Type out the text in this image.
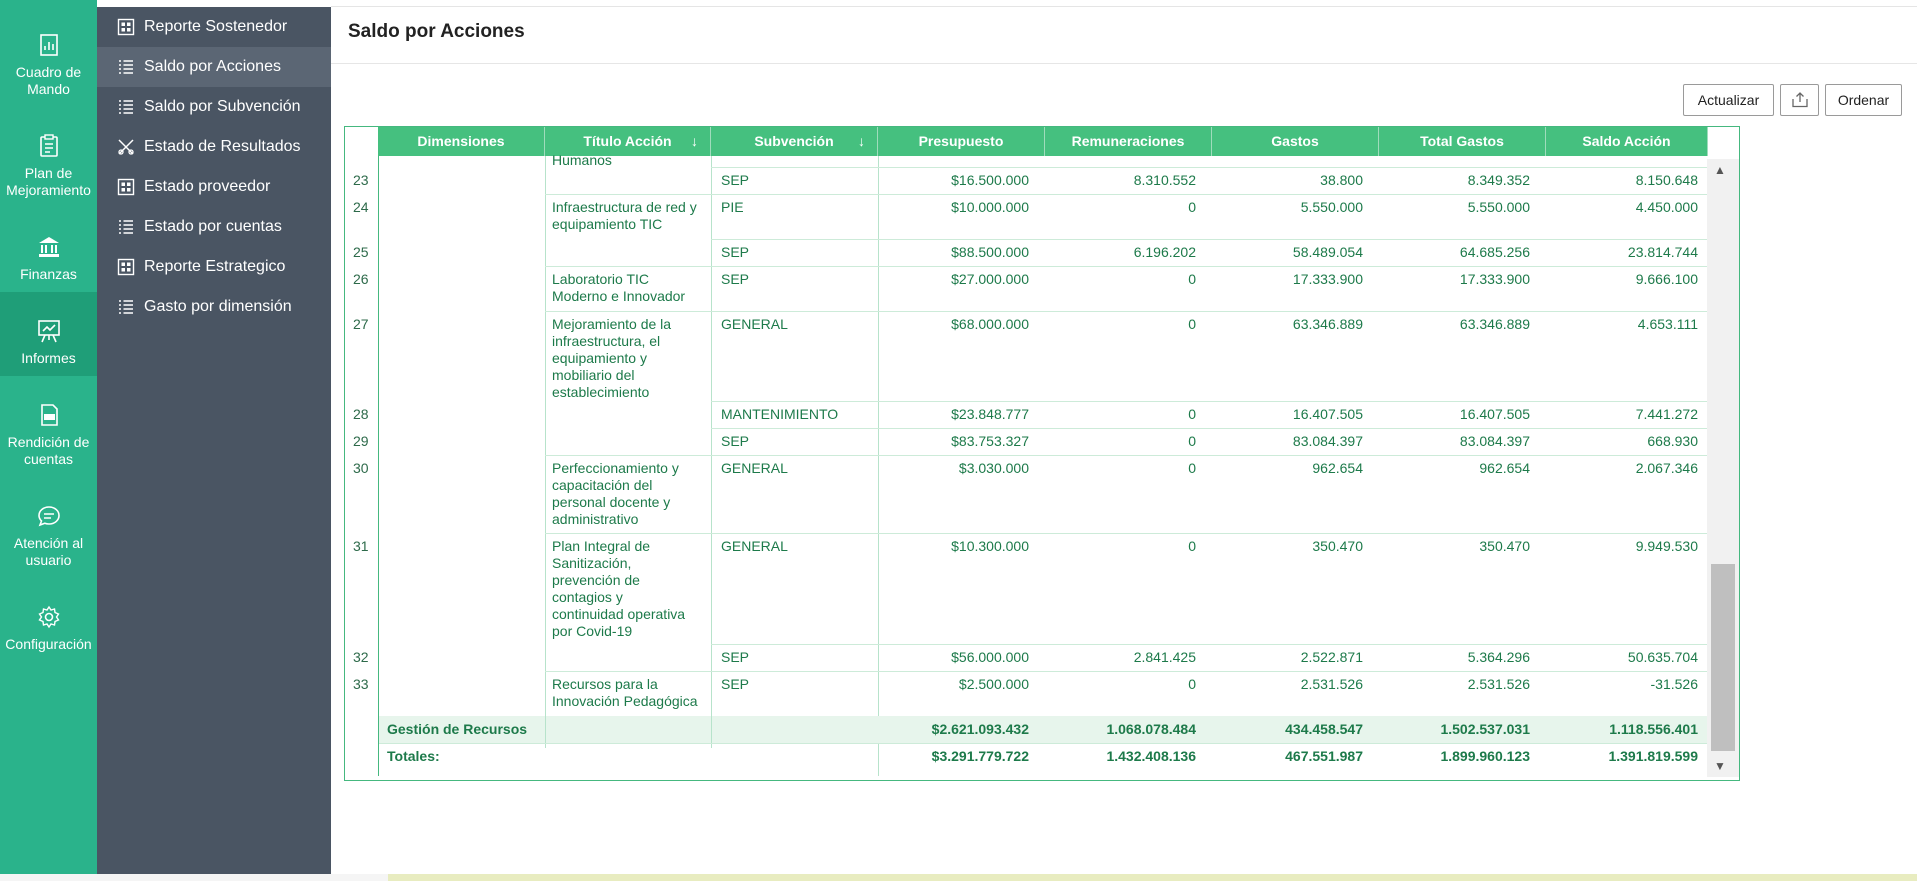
Cuadro de Mando
Plan de Mejoramiento
Finanzas
Informes
Rendición de cuentas
Atención al usuario
Configuración
Reporte Sostenedor
Saldo por Acciones
Saldo por Subvención
Estado de Resultados
Estado proveedor
Estado por cuentas
Reporte Estrategico
Gasto por dimensión
Saldo por Acciones
Actualizar	Ordenar
Dimensiones	Título Acción ↓	Subvención ↓	Presupuesto	Remuneraciones	Gastos	Total Gastos	Saldo Acción
Humanos
23	SEP	$16.500.000	8.310.552	38.800	8.349.352	8.150.648
24	Infraestructura de red y
equipamiento TIC
PIE	$10.000.000	0	5.550.000	5.550.000	4.450.000
25	SEP	$88.500.000	6.196.202	58.489.054	64.685.256	23.814.744
26	Laboratorio TIC
Moderno e Innovador
SEP	$27.000.000	0	17.333.900	17.333.900	9.666.100
27	Mejoramiento de la
infraestructura, el
equipamiento y
mobiliario del
establecimiento
GENERAL	$68.000.000	0	63.346.889	63.346.889	4.653.111
28	MANTENIMIENTO	$23.848.777	0	16.407.505	16.407.505	7.441.272
29	SEP	$83.753.327	0	83.084.397	83.084.397	668.930
30	Perfeccionamiento y
capacitación del
personal docente y
administrativo
GENERAL	$3.030.000	0	962.654	962.654	2.067.346
31	Plan Integral de
Sanitización,
prevención de
contagios y
continuidad operativa
por Covid-19
GENERAL	$10.300.000	0	350.470	350.470	9.949.530
32	SEP	$56.000.000	2.841.425	2.522.871	5.364.296	50.635.704
33	Recursos para la
Innovación Pedagógica
SEP	$2.500.000	0	2.531.526	2.531.526	-31.526
Gestión de Recursos	$2.621.093.432	1.068.078.484	434.458.547	1.502.537.031	1.118.556.401
Totales:	$3.291.779.722	1.432.408.136	467.551.987	1.899.960.123	1.391.819.599
▲
▼
